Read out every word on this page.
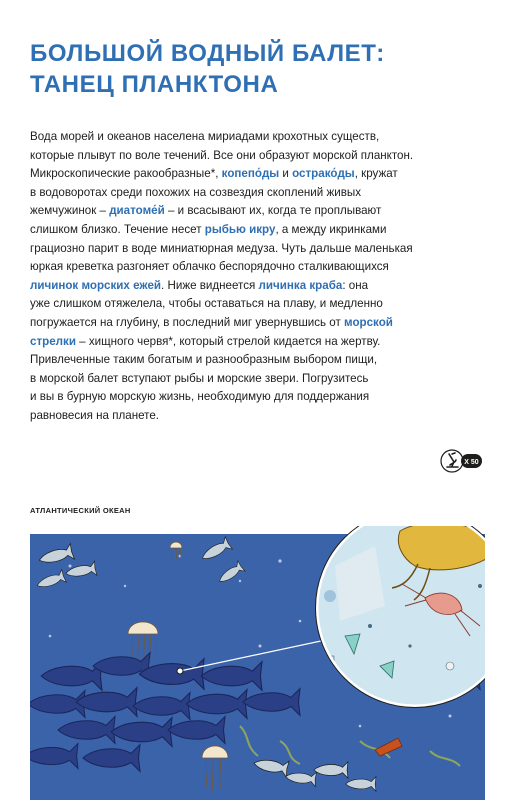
БОЛЬШОЙ ВОДНЫЙ БАЛЕТ:
ТАНЕЦ ПЛАНКТОНА

Вода морей и океанов населена мириадами крохотных существ,
которые плывут по воле течений. Все они образуют морской планктон.
Микроскопические ракообразные*, копепо́ды и острако́ды, кружат
в водоворотах среди похожих на созвездия скоплений живых
жемчужинок – диатоме́й – и всасывают их, когда те проплывают
слишком близко. Течение несет рыбью икру, а между икринками
грациозно парит в воде миниатюрная медуза. Чуть дальше маленькая
юркая креветка разгоняет облачко беспорядочно сталкивающихся
личинок морских ежей. Ниже виднеется личинка краба: она
уже слишком отяжелела, чтобы оставаться на плаву, и медленно
погружается на глубину, в последний миг увернувшись от морской
стрелки – хищного червя*, который стрелой кидается на жертву.
Привлеченные таким богатым и разнообразным выбором пищи,
в морской балет вступают рыбы и морские звери. Погрузитесь
и вы в бурную морскую жизнь, необходимую для поддержания
равновесия на планете.

X 50

АТЛАНТИЧЕСКИЙ ОКЕАН
